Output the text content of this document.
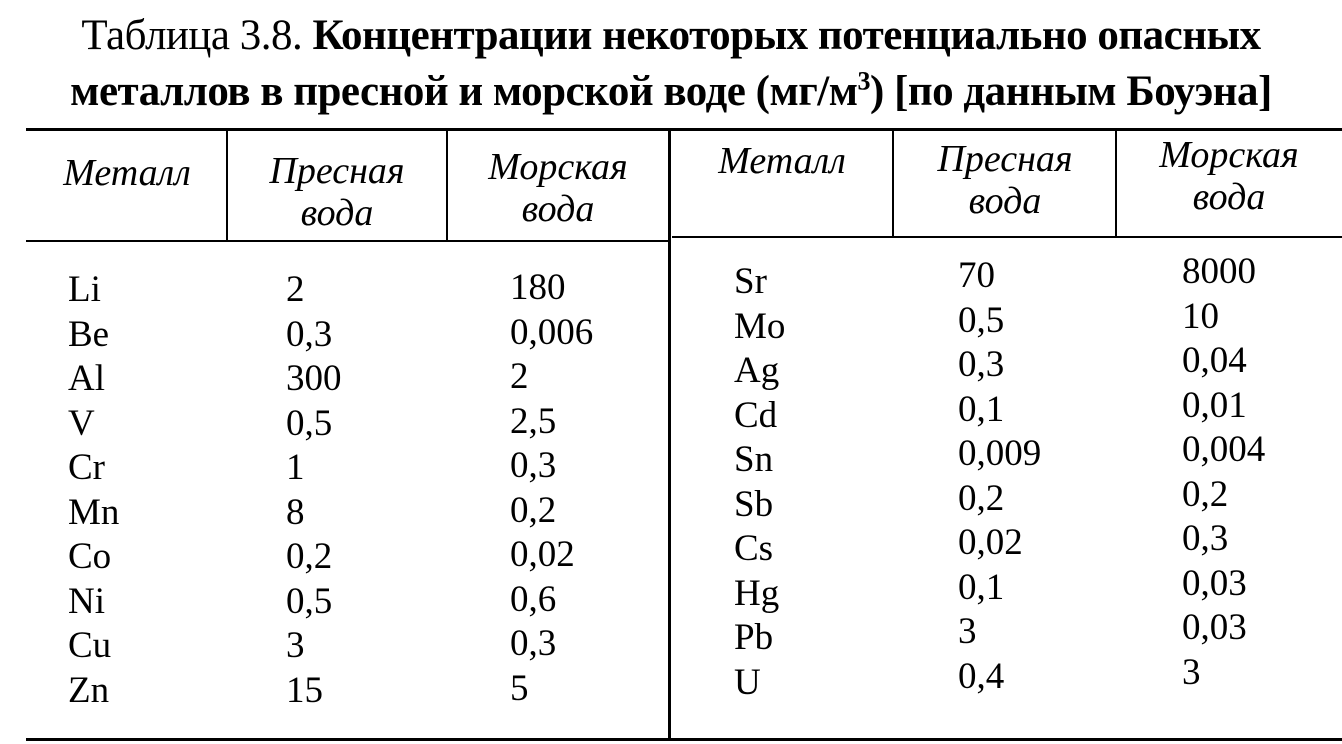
Таблица 3.8. Концентрации некоторых потенциально опасных
металлов в пресной и морской воде $(мг/м^3)$ [по данным Боуэна]
Металл	Пресная
вода
Морская
вода
Металл	Пресная
вода
Морская
вода
Li
Be
Al
V
Cr
Mn
Co
Ni
Cu
Zn
2
0,3
300
0,5
1
8
0,2
0,5
3
15
180
0,006
2
2,5
0,3
0,2
0,02
0,6
0,3
5
Sr
Mo
Ag
Cd
Sn
Sb
Cs
Hg
Pb
U
70
0,5
0,3
0,1
0,009
0,2
0,02
0,1
3
0,4
8000
10
0,04
0,01
0,004
0,2
0,3
0,03
0,03
3
